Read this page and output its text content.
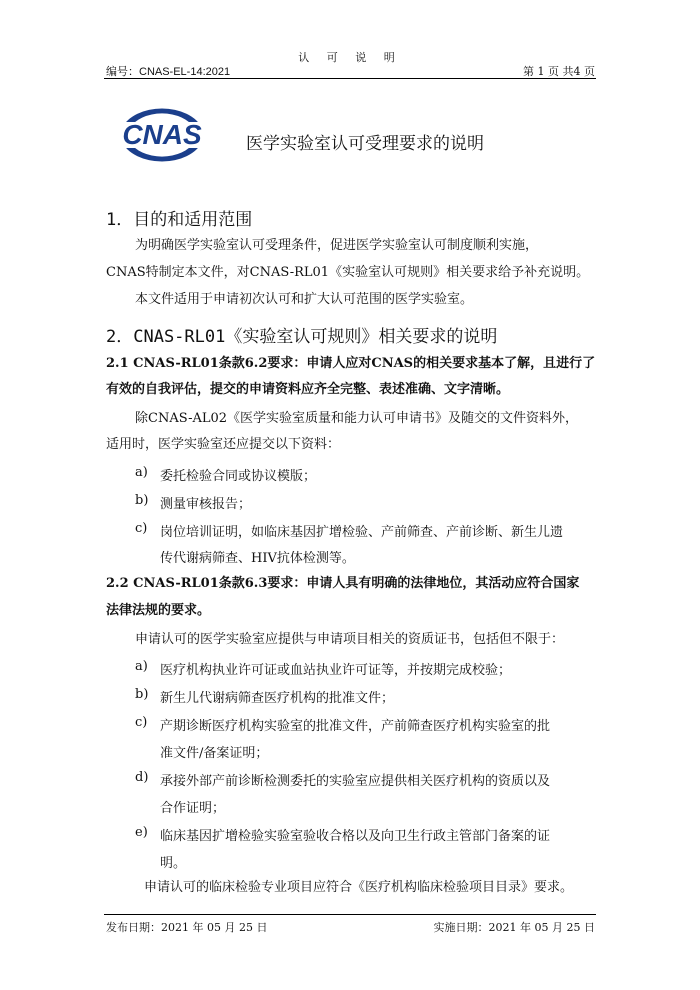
认 可 说 明
编号：CNAS-EL-14:2021	第 1 页 共4 页
CNAS	医学实验室认可受理要求的说明
1．目的和适用范围
为明确医学实验室认可受理条件，促进医学实验室认可制度顺利实施，
CNAS特制定本文件，对CNAS-RL01《实验室认可规则》相关要求给予补充说明。
本文件适用于申请初次认可和扩大认可范围的医学实验室。
2．CNAS-RL01《实验室认可规则》相关要求的说明
2.1 CNAS-RL01条款6.2要求：申请人应对CNAS的相关要求基本了解，且进行了
有效的自我评估，提交的申请资料应齐全完整、表述准确、文字清晰。
除CNAS-AL02《医学实验室质量和能力认可申请书》及随交的文件资料外，
适用时，医学实验室还应提交以下资料：
a) 委托检验合同或协议模版；
b) 测量审核报告；
c) 岗位培训证明，如临床基因扩增检验、产前筛查、产前诊断、新生儿遗
传代谢病筛查、HIV抗体检测等。
2.2 CNAS-RL01条款6.3要求：申请人具有明确的法律地位，其活动应符合国家
法律法规的要求。
申请认可的医学实验室应提供与申请项目相关的资质证书，包括但不限于：
a) 医疗机构执业许可证或血站执业许可证等，并按期完成校验；
b) 新生儿代谢病筛查医疗机构的批准文件；
c) 产期诊断医疗机构实验室的批准文件，产前筛查医疗机构实验室的批
准文件/备案证明；
d) 承接外部产前诊断检测委托的实验室应提供相关医疗机构的资质以及
合作证明；
e) 临床基因扩增检验实验室验收合格以及向卫生行政主管部门备案的证
明。
申请认可的临床检验专业项目应符合《医疗机构临床检验项目目录》要求。
发布日期：2021 年 05 月 25 日	实施日期：2021 年 05 月 25 日
